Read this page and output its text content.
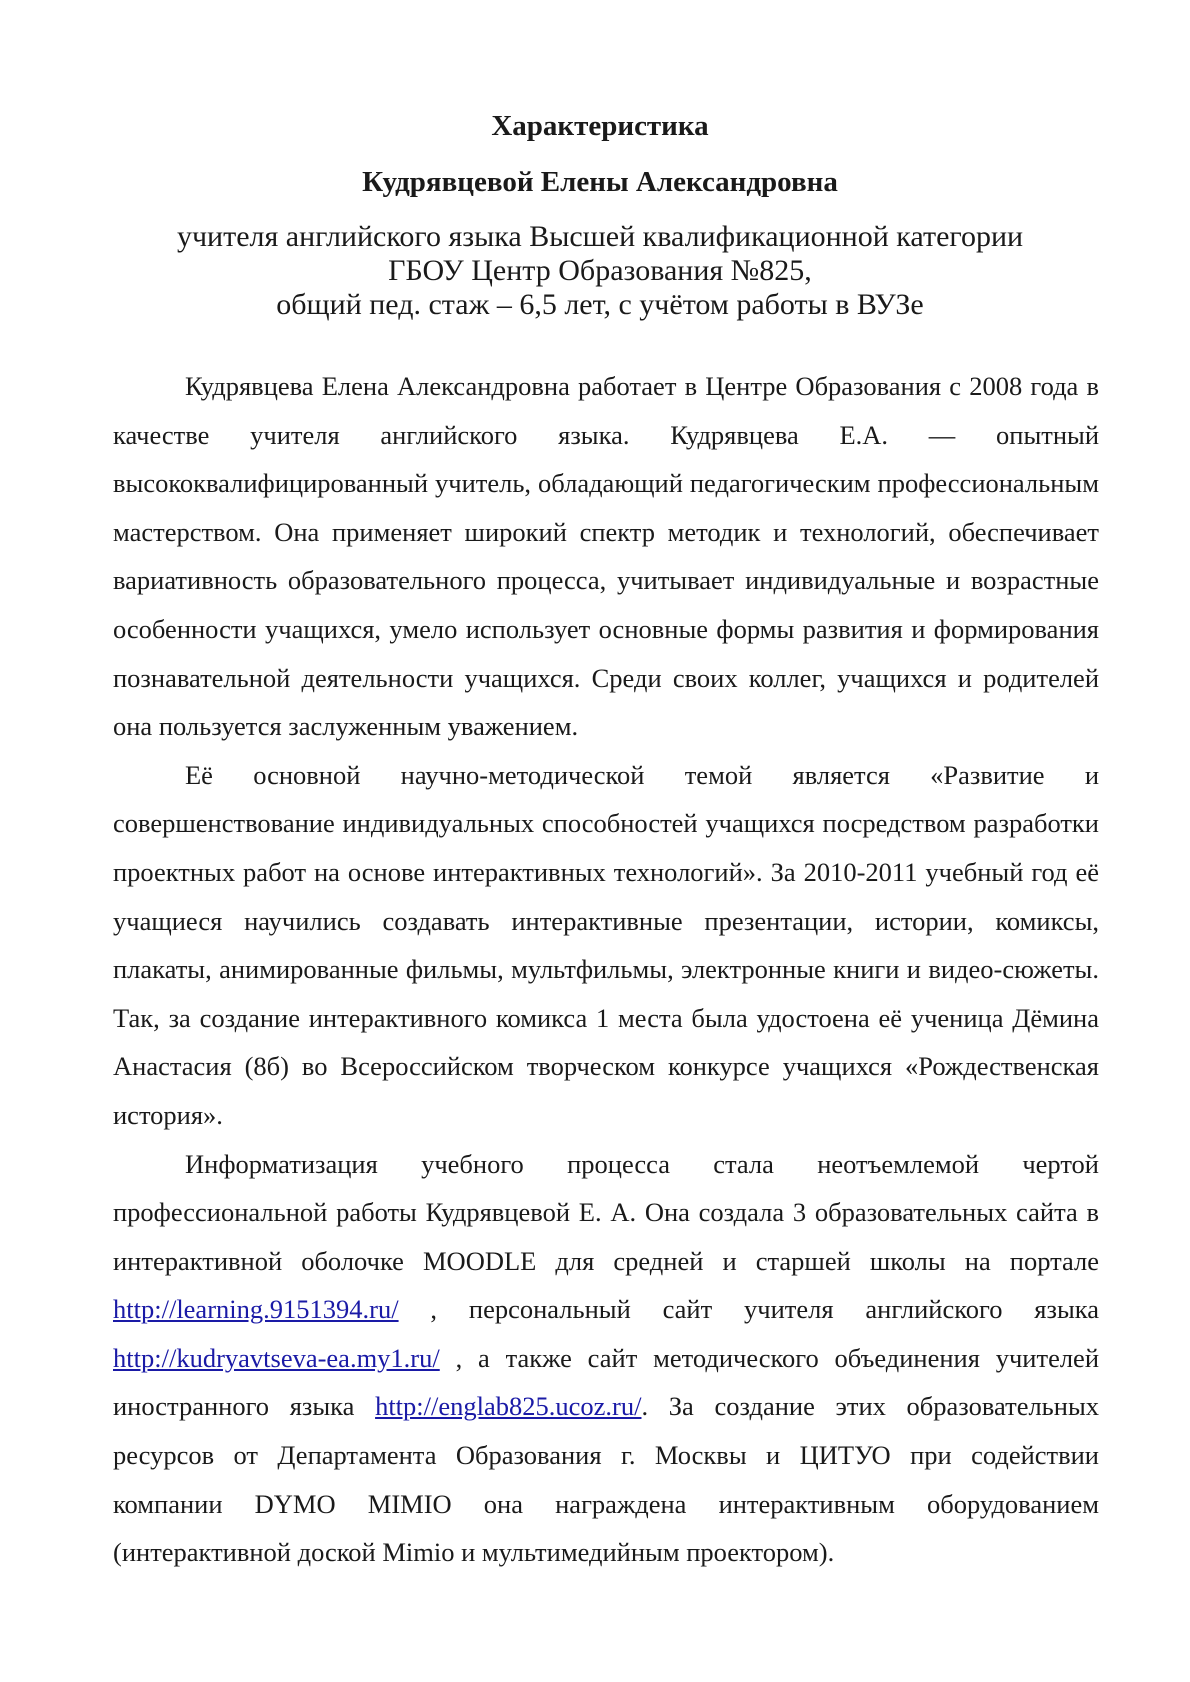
Характеристика
Кудрявцевой Елены Александровна
учителя английского языка Высшей квалификационной категории
ГБОУ Центр Образования №825,
общий пед. стаж – 6,5 лет, с учётом работы в ВУЗе

Кудрявцева Елена Александровна работает в Центре Образования с 2008 года в качестве учителя английского языка. Кудрявцева Е.А. — опытный высококвалифицированный учитель, обладающий педагогическим профессиональным мастерством. Она применяет широкий спектр методик и технологий, обеспечивает вариативность образовательного процесса, учитывает индивидуальные и возрастные особенности учащихся, умело использует основные формы развития и формирования познавательной деятельности учащихся. Среди своих коллег, учащихся и родителей она пользуется заслуженным уважением.

Её основной научно-методической темой является «Развитие и совершенствование индивидуальных способностей учащихся посредством разработки проектных работ на основе интерактивных технологий». За 2010-2011 учебный год её учащиеся научились создавать интерактивные презентации, истории, комиксы, плакаты, анимированные фильмы, мультфильмы, электронные книги и видео-сюжеты. Так, за создание интерактивного комикса 1 места была удостоена её ученица Дёмина Анастасия (8б) во Всероссийском творческом конкурсе учащихся «Рождественская история».

Информатизация учебного процесса стала неотъемлемой чертой профессиональной работы Кудрявцевой Е. А. Она создала 3 образовательных сайта в интерактивной оболочке MOODLE для средней и старшей школы на портале http://learning.9151394.ru/ , персональный сайт учителя английского языка http://kudryavtseva-ea.my1.ru/ , а также сайт методического объединения учителей иностранного языка http://englab825.ucoz.ru/. За создание этих образовательных ресурсов от Департамента Образования г. Москвы и ЦИТУО при содействии компании DYMO MIMIO она награждена интерактивным оборудованием (интерактивной доской Mimio и мультимедийным проектором).
